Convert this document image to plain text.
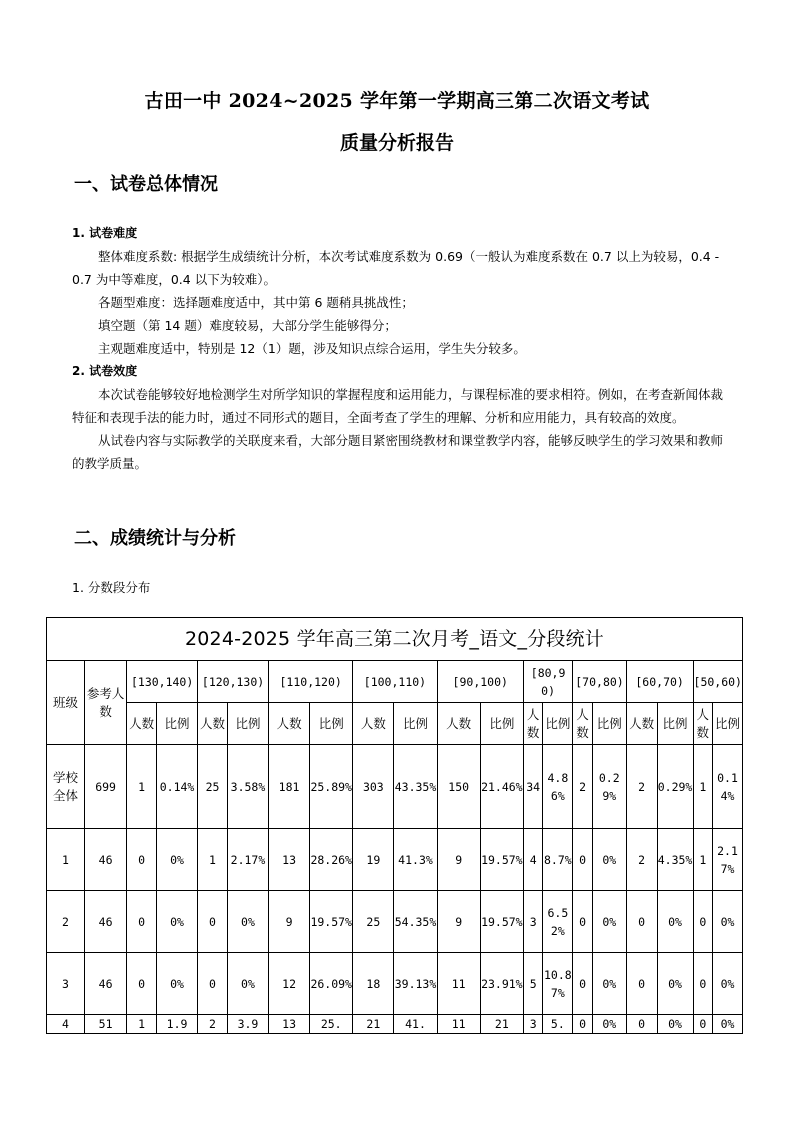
古田一中 2024~2025 学年第一学期高三第二次语文考试
质量分析报告
一、试卷总体情况

1. 试卷难度

整体难度系数: 根据学生成绩统计分析，本次考试难度系数为 0.69（一般认为难度系数在 0.7 以上为较易，0.4 - 0.7 为中等难度，0.4 以下为较难）。

各题型难度：选择题难度适中，其中第 6 题稍具挑战性；

填空题（第 14 题）难度较易，大部分学生能够得分；

主观题难度适中，特别是 12（1）题，涉及知识点综合运用，学生失分较多。

2. 试卷效度

本次试卷能够较好地检测学生对所学知识的掌握程度和运用能力，与课程标准的要求相符。例如，在考查新闻体裁特征和表现手法的能力时，通过不同形式的题目，全面考查了学生的理解、分析和应用能力，具有较高的效度。

从试卷内容与实际教学的关联度来看，大部分题目紧密围绕教材和课堂教学内容，能够反映学生的学习效果和教师的教学质量。

二、成绩统计与分析
1. 分数段分布
2024-2025 学年高三第二次月考_语文_分段统计																			
班级	参考人数	[130,140)		[120,130)		[110,120)		[100,110)		[90,100)		[80,90)		[70,80)		[60,70)		[50,60)	
		人数	比例	人数	比例	人数	比例	人数	比例	人数	比例	人数	比例	人数	比例	人数	比例	人数	比例
学校全体	699	1	0.14%	25	3.58%	181	25.89%	303	43.35%	150	21.46%	34	4.86%	2	0.29%	2	0.29%	1	0.14%
1	46	0	0%	1	2.17%	13	28.26%	19	41.3%	9	19.57%	4	8.7%	0	0%	2	4.35%	1	2.17%
2	46	0	0%	0	0%	9	19.57%	25	54.35%	9	19.57%	3	6.52%	0	0%	0	0%	0	0%
3	46	0	0%	0	0%	12	26.09%	18	39.13%	11	23.91%	5	10.87%	0	0%	0	0%	0	0%
4	51	1	1.9	2	3.9	13	25.	21	41.	11	21	3	5.	0	0%	0	0%	0	0%
